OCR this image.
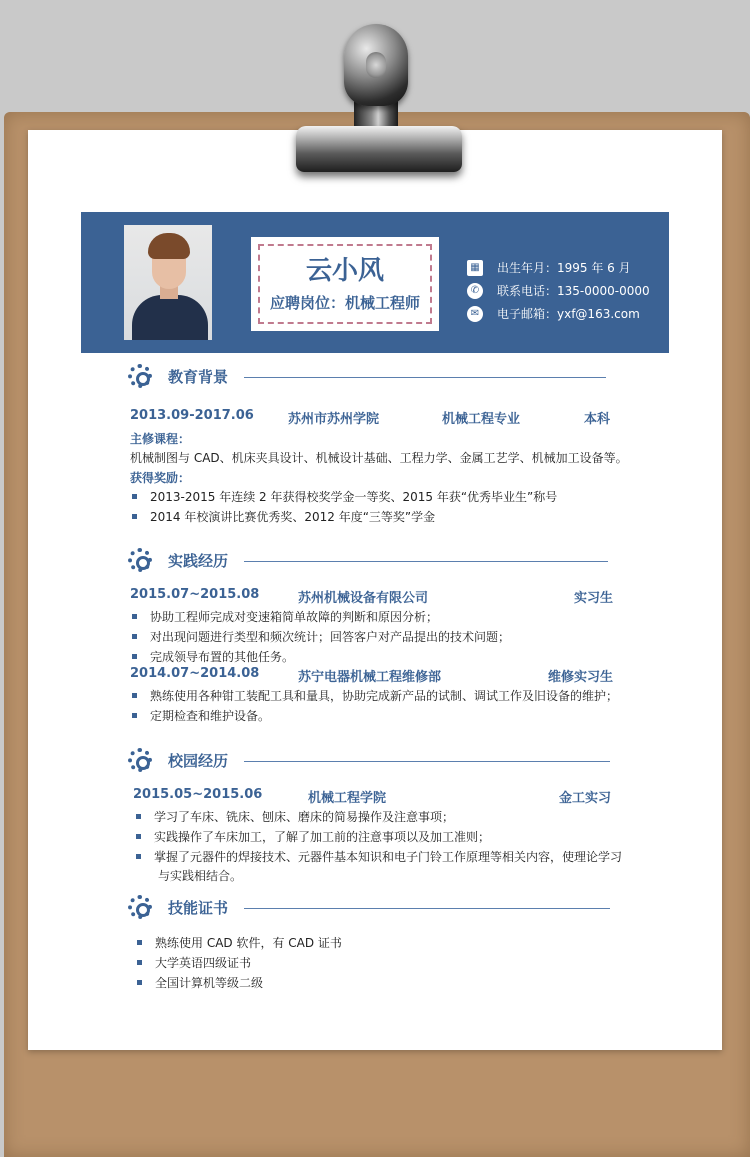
云小风
应聘岗位：机械工程师
▦ 出生年月：1995 年 6 月
✆	联系电话：135-0000-0000
✉	电子邮箱：yxf@163.com
教育背景
2013.09-2017.06	苏州市苏州学院	机械工程专业	本科
主修课程：
机械制图与 CAD、机床夹具设计、机械设计基础、工程力学、金属工艺学、机械加工设备等。
获得奖励：
2013-2015 年连续 2 年获得校奖学金一等奖、2015 年获“优秀毕业生”称号
2014 年校演讲比赛优秀奖、2012 年度“三等奖”学金
实践经历
2015.07~2015.08	苏州机械设备有限公司	实习生
协助工程师完成对变速箱简单故障的判断和原因分析；
对出现问题进行类型和频次统计；回答客户对产品提出的技术问题；
完成领导布置的其他任务。
2014.07~2014.08	苏宁电器机械工程维修部	维修实习生
熟练使用各种钳工装配工具和量具，协助完成新产品的试制、调试工作及旧设备的维护；
定期检查和维护设备。
校园经历
2015.05~2015.06	机械工程学院	金工实习
学习了车床、铣床、刨床、磨床的简易操作及注意事项；
实践操作了车床加工，了解了加工前的注意事项以及加工准则；
掌握了元器件的焊接技术、元器件基本知识和电子门铃工作原理等相关内容，使理论学习
与实践相结合。
技能证书
熟练使用 CAD 软件，有 CAD 证书
大学英语四级证书
全国计算机等级二级
